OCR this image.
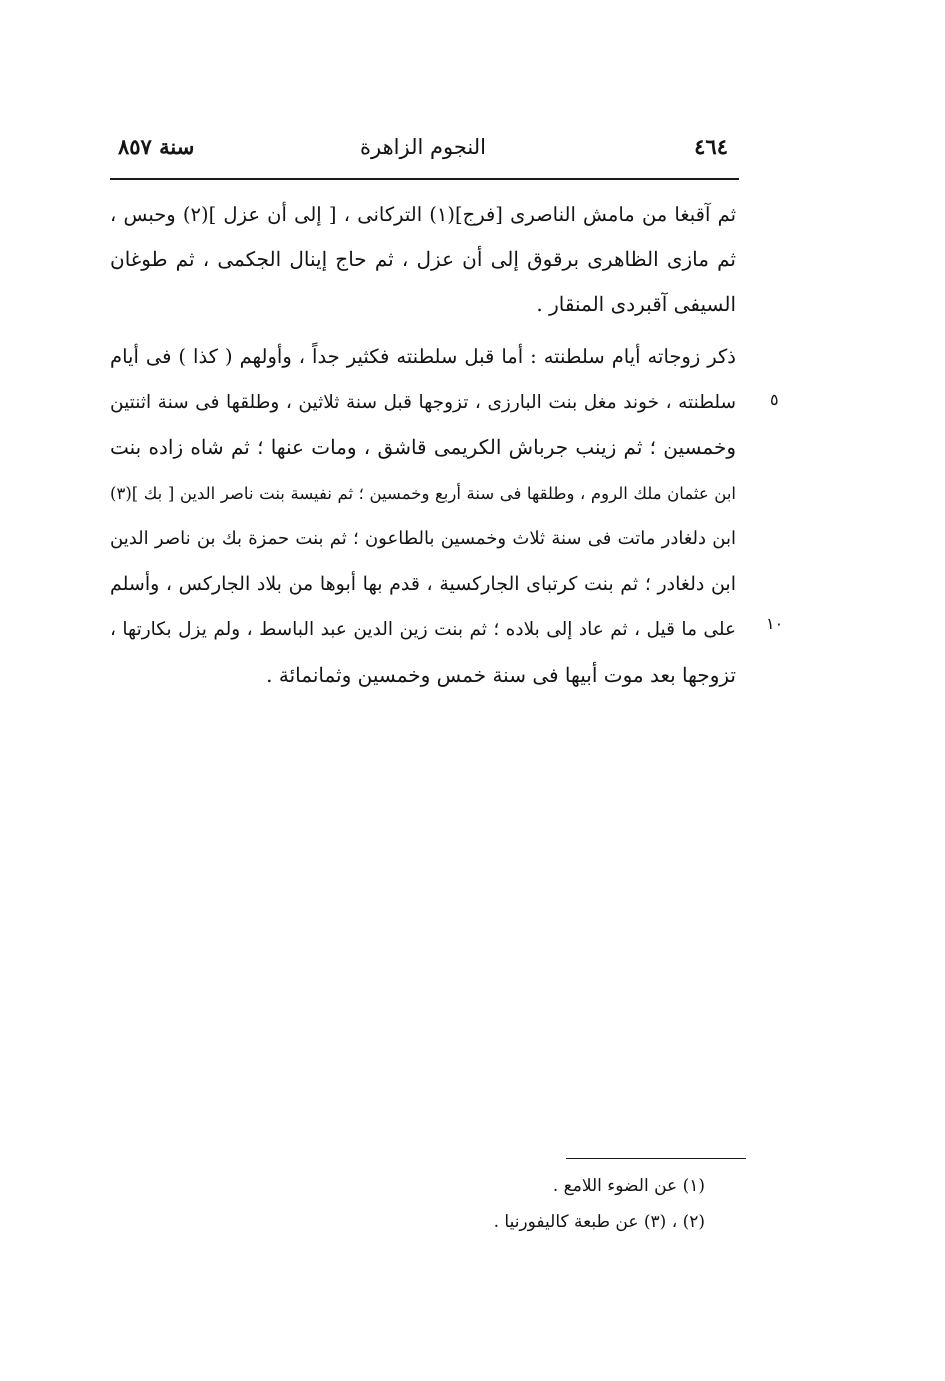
٤٦٤
النجوم الزاهرة
سنة ٨٥٧
ثم آقبغا من مامش الناصرى [فرج](١) التركانى ، [ إلى أن عزل ](٢) وحبس ،
ثم مازى الظاهرى برقوق إلى أن عزل ، ثم حاج إينال الجكمى ، ثم طوغان
السيفى آقبردى المنقار .
ذكر زوجاته أيام سلطنته : أما قبل سلطنته فكثير جداً ، وأولهم ( كذا ) فى أيام
سلطنته ، خوند مغل بنت البارزى ، تزوجها قبل سنة ثلاثين ، وطلقها فى سنة اثنتين
وخمسين ؛ ثم زينب جرباش الكريمى قاشق ، ومات عنها ؛ ثم شاه زاده بنت
ابن عثمان ملك الروم ، وطلقها فى سنة أربع وخمسين ؛ ثم نفيسة بنت ناصر الدين [ بك ](٣)
ابن دلغادر ماتت فى سنة ثلاث وخمسين بالطاعون ؛ ثم بنت حمزة بك بن ناصر الدين
ابن دلغادر ؛ ثم بنت كرتباى الجاركسية ، قدم بها أبوها من بلاد الجاركس ، وأسلم
على ما قيل ، ثم عاد إلى بلاده ؛ ثم بنت زين الدين عبد الباسط ، ولم يزل بكارتها ،
تزوجها بعد موت أبيها فى سنة خمس وخمسين وثمانمائة .
٥
١٠
(١) عن الضوء اللامع .
(٢) ، (٣) عن طبعة كاليفورنيا .
